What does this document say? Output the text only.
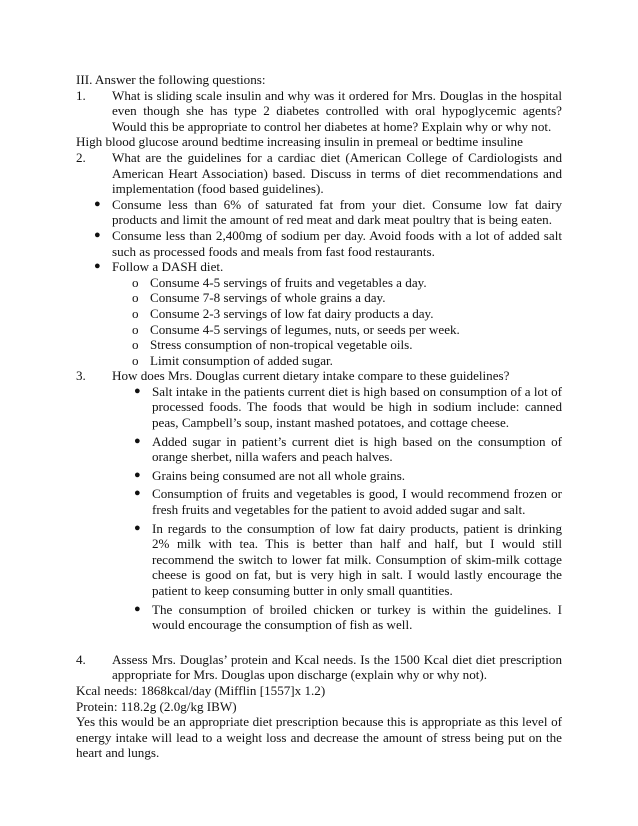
III. Answer the following questions:

1. What is sliding scale insulin and why was it ordered for Mrs. Douglas in the hospital even though she has type 2 diabetes controlled with oral hypoglycemic agents? Would this be appropriate to control her diabetes at home? Explain why or why not.

High blood glucose around bedtime increasing insulin in premeal or bedtime insuline

2. What are the guidelines for a cardiac diet (American College of Cardiologists and American Heart Association) based. Discuss in terms of diet recommendations and implementation (food based guidelines).
● Consume less than 6% of saturated fat from your diet. Consume low fat dairy products and limit the amount of red meat and dark meat poultry that is being eaten.
● Consume less than 2,400mg of sodium per day. Avoid foods with a lot of added salt such as processed foods and meals from fast food restaurants.
● Follow a DASH diet.
o Consume 4-5 servings of fruits and vegetables a day.
o Consume 7-8 servings of whole grains a day.
o Consume 2-3 servings of low fat dairy products a day.
o Consume 4-5 servings of legumes, nuts, or seeds per week.
o Stress consumption of non-tropical vegetable oils.
o Limit consumption of added sugar.
3. How does Mrs. Douglas current dietary intake compare to these guidelines?
● Salt intake in the patients current diet is high based on consumption of a lot of processed foods. The foods that would be high in sodium include: canned peas, Campbell’s soup, instant mashed potatoes, and cottage cheese.
● Added sugar in patient’s current diet is high based on the consumption of orange sherbet, nilla wafers and peach halves.
● Grains being consumed are not all whole grains.
● Consumption of fruits and vegetables is good, I would recommend frozen or fresh fruits and vegetables for the patient to avoid added sugar and salt.
● In regards to the consumption of low fat dairy products, patient is drinking 2% milk with tea. This is better than half and half, but I would still recommend the switch to lower fat milk. Consumption of skim-milk cottage cheese is good on fat, but is very high in salt. I would lastly encourage the patient to keep consuming butter in only small quantities.
● The consumption of broiled chicken or turkey is within the guidelines. I would encourage the consumption of fish as well.
4. Assess Mrs. Douglas’ protein and Kcal needs. Is the 1500 Kcal diet diet prescription appropriate for Mrs. Douglas upon discharge (explain why or why not).

Kcal needs: 1868kcal/day (Mifflin [1557]x 1.2)

Protein: 118.2g (2.0g/kg IBW)

Yes this would be an appropriate diet prescription because this is appropriate as this level of energy intake will lead to a weight loss and decrease the amount of stress being put on the heart and lungs.
